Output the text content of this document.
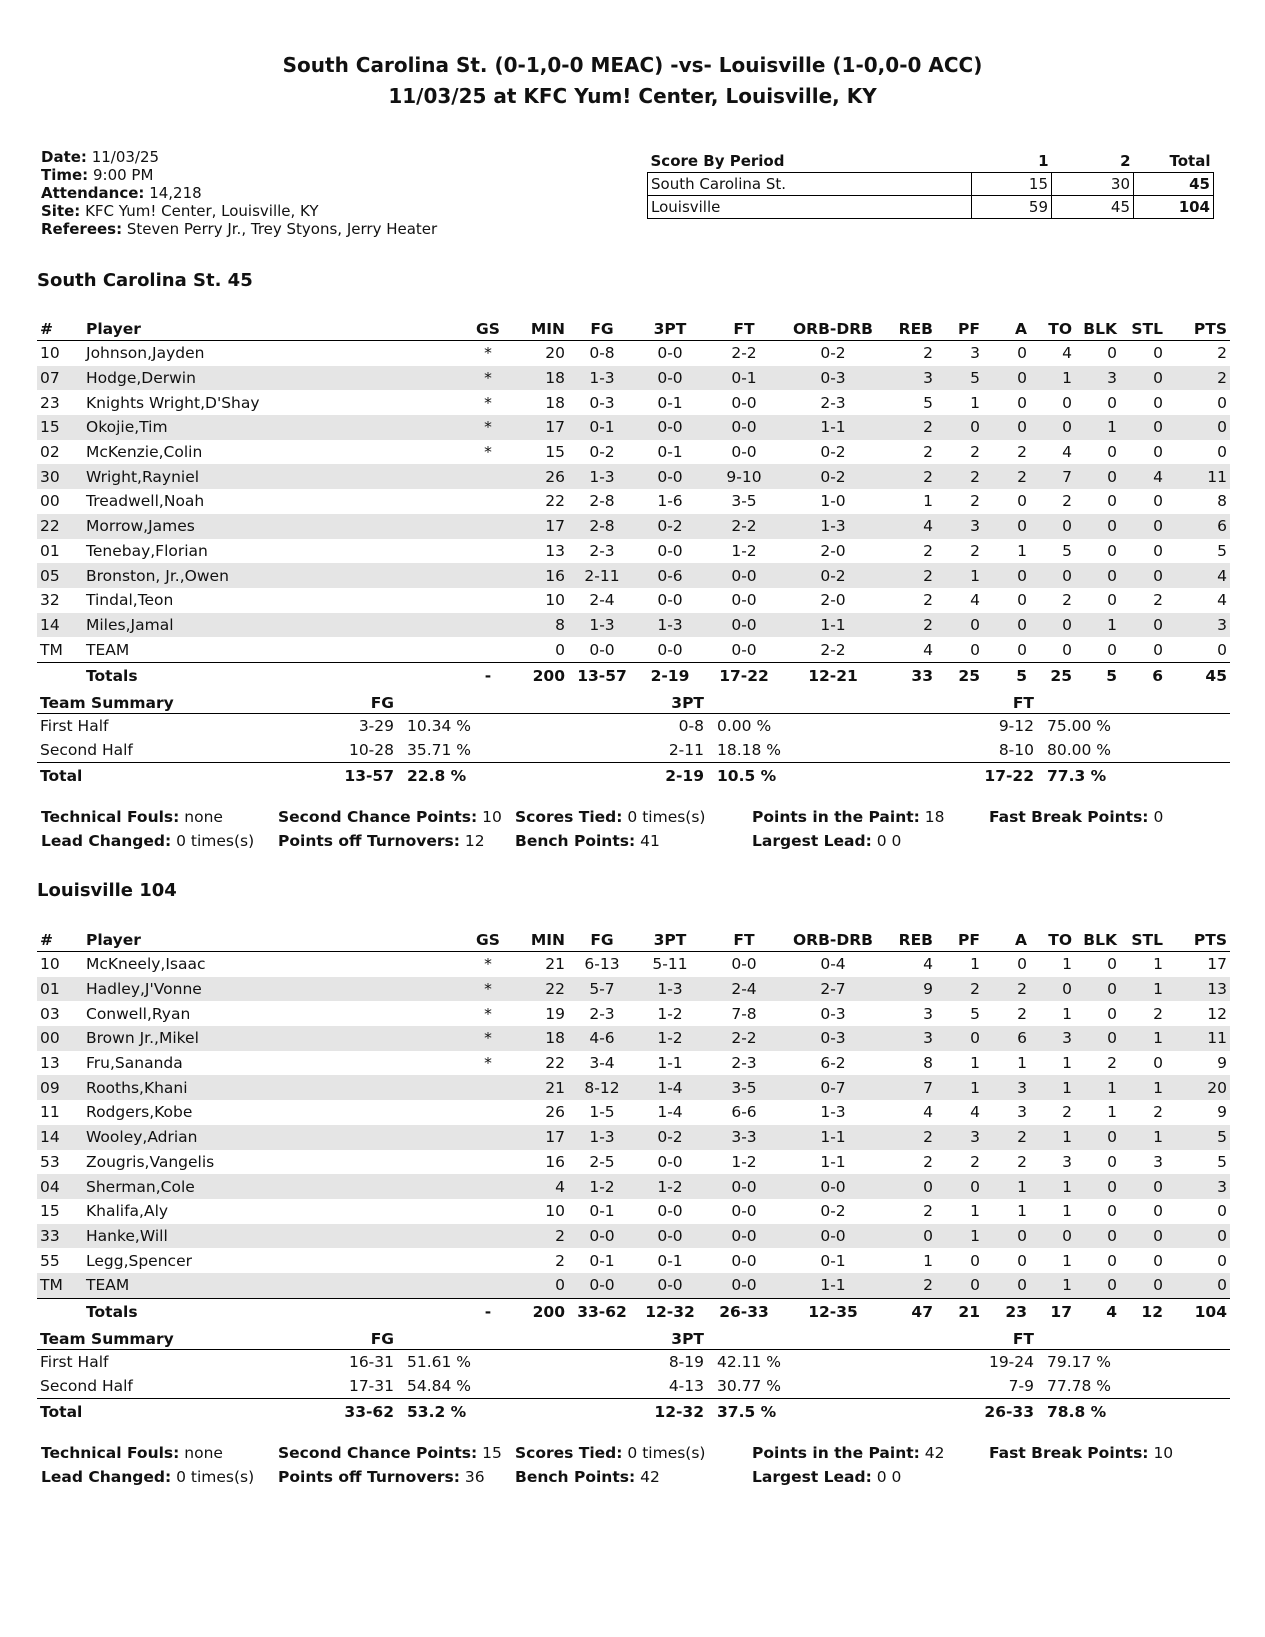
South Carolina St. (0-1,0-0 MEAC) -vs- Louisville (1-0,0-0 ACC)
11/03/25 at KFC Yum! Center, Louisville, KY
Date: 11/03/25
Time: 9:00 PM
Attendance: 14,218
Site: KFC Yum! Center, Louisville, KY
Referees: Steven Perry Jr., Trey Styons, Jerry Heater
Score By Period	1	2	Total
South Carolina St.	15	30	45
Louisville	59	45	104
South Carolina St. 45
#	Player	GS	MIN	FG	3PT	FT	ORB-DRB	REB	PF	A	TO	BLK	STL	PTS
10	Johnson,Jayden	*	20	0-8	0-0	2-2	0-2	2	3	0	4	0	0	2
07	Hodge,Derwin	*	18	1-3	0-0	0-1	0-3	3	5	0	1	3	0	2
23	Knights Wright,D'Shay	*	18	0-3	0-1	0-0	2-3	5	1	0	0	0	0	0
15	Okojie,Tim	*	17	0-1	0-0	0-0	1-1	2	0	0	0	1	0	0
02	McKenzie,Colin	*	15	0-2	0-1	0-0	0-2	2	2	2	4	0	0	0
30	Wright,Rayniel		26	1-3	0-0	9-10	0-2	2	2	2	7	0	4	11
00	Treadwell,Noah		22	2-8	1-6	3-5	1-0	1	2	0	2	0	0	8
22	Morrow,James		17	2-8	0-2	2-2	1-3	4	3	0	0	0	0	6
01	Tenebay,Florian		13	2-3	0-0	1-2	2-0	2	2	1	5	0	0	5
05	Bronston, Jr.,Owen		16	2-11	0-6	0-0	0-2	2	1	0	0	0	0	4
32	Tindal,Teon		10	2-4	0-0	0-0	2-0	2	4	0	2	0	2	4
14	Miles,Jamal		8	1-3	1-3	0-0	1-1	2	0	0	0	1	0	3
TM	TEAM		0	0-0	0-0	0-0	2-2	4	0	0	0	0	0	0
	Totals	-	200	13-57	2-19	17-22	12-21	33	25	5	25	5	6	45
Team Summary	FG		3PT		FT	
First Half	3-29	10.34 %	0-8	0.00 %	9-12	75.00 %
Second Half	10-28	35.71 %	2-11	18.18 %	8-10	80.00 %
Total	13-57	22.8 %	2-19	10.5 %	17-22	77.3 %
Technical Fouls: none	Second Chance Points: 10 Scores Tied: 0 times(s)	Points in the Paint: 18	Fast Break Points: 0
Lead Changed: 0 times(s)	Points off Turnovers: 12	Bench Points: 41	Largest Lead: 0 0
Louisville 104
#	Player	GS	MIN	FG	3PT	FT	ORB-DRB	REB	PF	A	TO	BLK	STL	PTS
10	McKneely,Isaac	*	21	6-13	5-11	0-0	0-4	4	1	0	1	0	1	17
01	Hadley,J'Vonne	*	22	5-7	1-3	2-4	2-7	9	2	2	0	0	1	13
03	Conwell,Ryan	*	19	2-3	1-2	7-8	0-3	3	5	2	1	0	2	12
00	Brown Jr.,Mikel	*	18	4-6	1-2	2-2	0-3	3	0	6	3	0	1	11
13	Fru,Sananda	*	22	3-4	1-1	2-3	6-2	8	1	1	1	2	0	9
09	Rooths,Khani		21	8-12	1-4	3-5	0-7	7	1	3	1	1	1	20
11	Rodgers,Kobe		26	1-5	1-4	6-6	1-3	4	4	3	2	1	2	9
14	Wooley,Adrian		17	1-3	0-2	3-3	1-1	2	3	2	1	0	1	5
53	Zougris,Vangelis		16	2-5	0-0	1-2	1-1	2	2	2	3	0	3	5
04	Sherman,Cole		4	1-2	1-2	0-0	0-0	0	0	1	1	0	0	3
15	Khalifa,Aly		10	0-1	0-0	0-0	0-2	2	1	1	1	0	0	0
33	Hanke,Will		2	0-0	0-0	0-0	0-0	0	1	0	0	0	0	0
55	Legg,Spencer		2	0-1	0-1	0-0	0-1	1	0	0	1	0	0	0
TM	TEAM		0	0-0	0-0	0-0	1-1	2	0	0	1	0	0	0
	Totals	-	200	33-62	12-32	26-33	12-35	47	21	23	17	4	12	104
Team Summary	FG		3PT		FT	
First Half	16-31	51.61 %	8-19	42.11 %	19-24	79.17 %
Second Half	17-31	54.84 %	4-13	30.77 %	7-9	77.78 %
Total	33-62	53.2 %	12-32	37.5 %	26-33	78.8 %
Technical Fouls: none	Second Chance Points: 15 Scores Tied: 0 times(s)	Points in the Paint: 42	Fast Break Points: 10
Lead Changed: 0 times(s)	Points off Turnovers: 36	Bench Points: 42	Largest Lead: 0 0
